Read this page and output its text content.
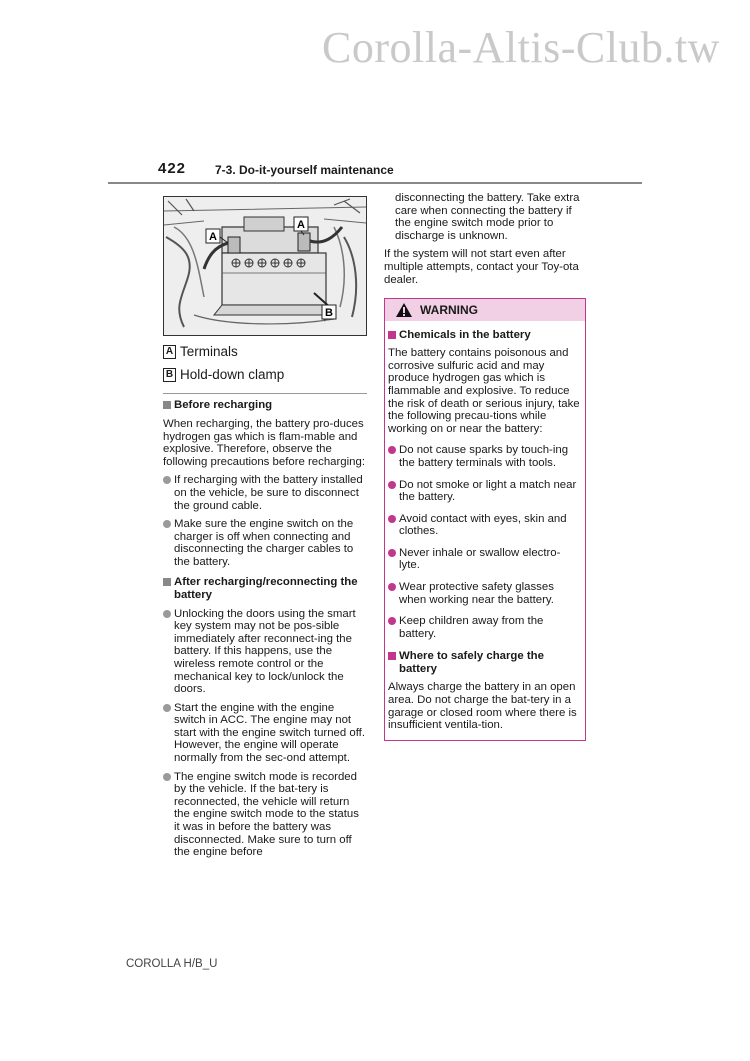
Corolla-Altis-Club.tw
422 7-3. Do-it-yourself maintenance
A
A
B
A Terminals
B Hold-down clamp
Before recharging
When recharging, the battery pro-duces hydrogen gas which is flam-mable and explosive. Therefore, observe the following precautions before recharging:
If recharging with the battery installed on the vehicle, be sure to disconnect the ground cable.
Make sure the engine switch on the charger is off when connecting and disconnecting the charger cables to the battery.
After recharging/reconnecting the battery
Unlocking the doors using the smart key system may not be pos-sible immediately after reconnect-ing the battery. If this happens, use the wireless remote control or the mechanical key to lock/unlock the doors.
Start the engine with the engine switch in ACC. The engine may not start with the engine switch turned off. However, the engine will operate normally from the sec-ond attempt.
The engine switch mode is recorded by the vehicle. If the bat-tery is reconnected, the vehicle will return the engine switch mode to the status it was in before the battery was disconnected. Make sure to turn off the engine before
disconnecting the battery. Take extra care when connecting the battery if the engine switch mode prior to discharge is unknown.
If the system will not start even after multiple attempts, contact your Toy-ota dealer.
WARNING
Chemicals in the battery
The battery contains poisonous and corrosive sulfuric acid and may produce hydrogen gas which is flammable and explosive. To reduce the risk of death or serious injury, take the following precau-tions while working on or near the battery:
Do not cause sparks by touch-ing the battery terminals with tools.
Do not smoke or light a match near the battery.
Avoid contact with eyes, skin and clothes.
Never inhale or swallow electro-lyte.
Wear protective safety glasses when working near the battery.
Keep children away from the battery.
Where to safely charge the battery
Always charge the battery in an open area. Do not charge the bat-tery in a garage or closed room where there is insufficient ventila-tion.
COROLLA H/B_U
